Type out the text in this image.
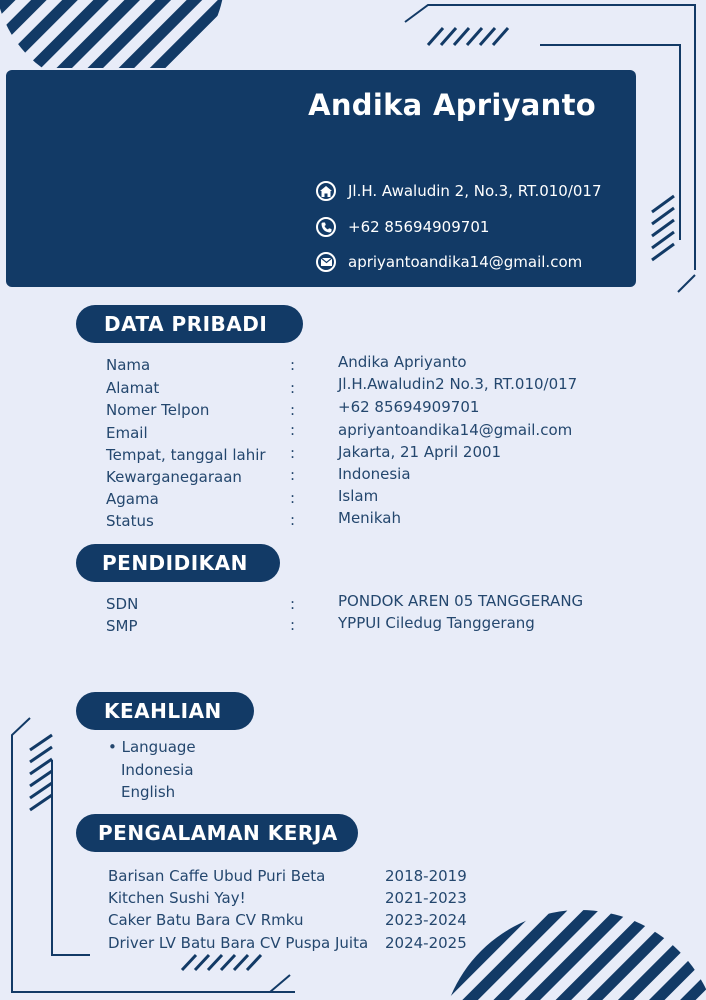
Andika Apriyanto
Jl.H. Awaludin 2, No.3, RT.010/017
+62 85694909701
apriyantoandika14@gmail.com
DATA PRIBADI
Nama	:	Andika Apriyanto
Alamat	:	Jl.H.Awaludin2 No.3, RT.010/017
Nomer Telpon	:	+62 85694909701
Email	:	apriyantoandika14@gmail.com
Tempat, tanggal lahir :	Jakarta, 21 April 2001
Kewarganegaraan	:	Indonesia
Agama	:	Islam
Status	:	Menikah
PENDIDIKAN
SDN	:	PONDOK AREN 05 TANGGERANG
SMP	:	YPPUI Ciledug Tanggerang
KEAHLIAN
• Language
Indonesia
English
PENGALAMAN KERJA
Barisan Caffe Ubud Puri Beta	2018-2019
Kitchen Sushi Yay!	2021-2023
Caker Batu Bara CV Rmku	2023-2024
Driver LV Batu Bara CV Puspa Juita 2024-2025
